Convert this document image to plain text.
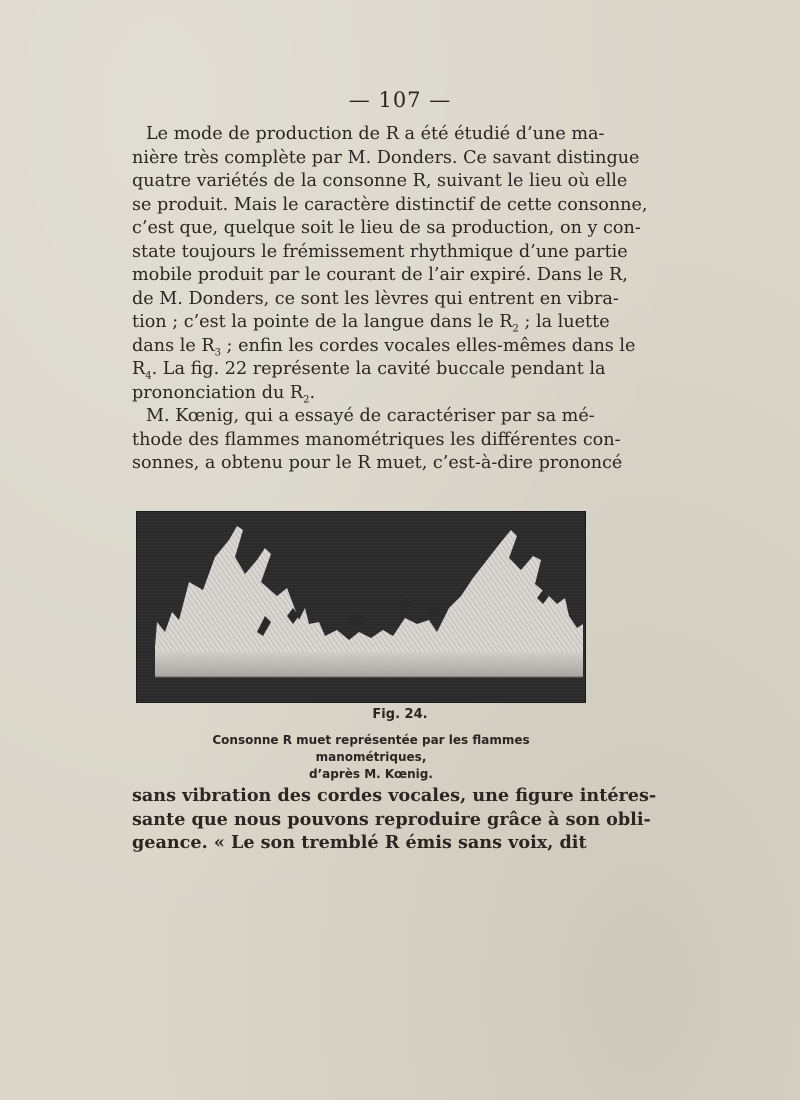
— 107 —

Le mode de production de R a été étudié d’une ma-
nière très complète par M. Donders. Ce savant distingue
quatre variétés de la consonne R, suivant le lieu où elle
se produit. Mais le caractère distinctif de cette consonne,
c’est que, quelque soit le lieu de sa production, on y con-
state toujours le frémissement rhythmique d’une partie
mobile produit par le courant de l’air expiré. Dans le R,
de M. Donders, ce sont les lèvres qui entrent en vibra-
tion ; c’est la pointe de la langue dans le $R_2$ ; la luette
dans le $R_3$ ; enfin les cordes vocales elles-mêmes dans le
$R_4$. La fig. 22 représente la cavité buccale pendant la
prononciation du $R_2$.

M. Kœnig, qui a essayé de caractériser par sa mé-
thode des flammes manométriques les différentes con-
sonnes, a obtenu pour le R muet, c’est-à-dire prononcé

Fig. 24.
Consonne R muet représentée par les flammes manométriques,
d’après M. Kœnig.

sans vibration des cordes vocales, une figure intéres-
sante que nous pouvons reproduire grâce à son obli-
geance. « Le son tremblé R émis sans voix, dit
